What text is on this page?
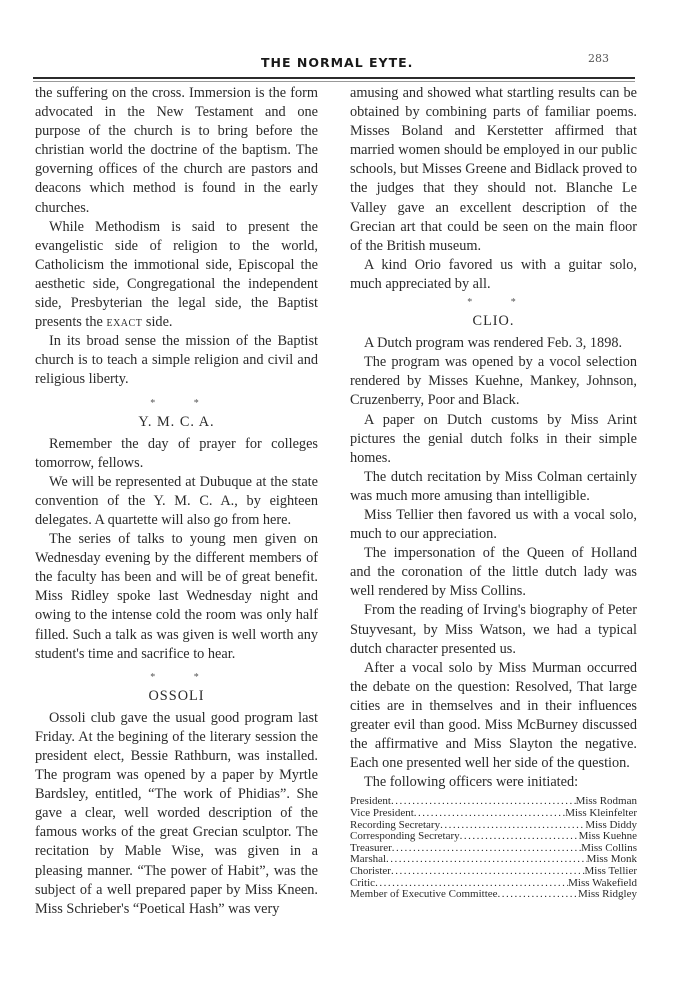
THE NORMAL EYTE.	283

the suffering on the cross. Immersion is the form advocated in the New Testament and one purpose of the church is to bring before the christian world the doctrine of the baptism. The governing offices of the church are pastors and deacons which method is found in the early churches.

While Methodism is said to present the evangelistic side of religion to the world, Catholicism the immotional side, Episcopal the aesthetic side, Congregational the independent side, Presbyterian the legal side, the Baptist presents the exact side.

In its broad sense the mission of the Baptist church is to teach a simple religion and civil and religious liberty.

* *
Y. M. C. A.

Remember the day of prayer for colleges tomorrow, fellows.

We will be represented at Dubuque at the state convention of the Y. M. C. A., by eighteen delegates. A quartette will also go from here.

The series of talks to young men given on Wednesday evening by the different members of the faculty has been and will be of great benefit. Miss Ridley spoke last Wednesday night and owing to the intense cold the room was only half filled. Such a talk as was given is well worth any student's time and sacrifice to hear.

* *
OSSOLI

Ossoli club gave the usual good program last Friday. At the begining of the literary session the president elect, Bessie Rathburn, was installed. The program was opened by a paper by Myrtle Bardsley, entitled, “The work of Phidias”. She gave a clear, well worded description of the famous works of the great Grecian sculptor. The recitation by Mable Wise, was given in a pleasing manner. “The power of Habit”, was the subject of a well prepared paper by Miss Kneen. Miss Schrieber's “Poetical Hash” was very

amusing and showed what startling results can be obtained by combining parts of familiar poems. Misses Boland and Kerstetter affirmed that married women should be employed in our public schools, but Misses Greene and Bidlack proved to the judges that they should not. Blanche Le Valley gave an excellent description of the Grecian art that could be seen on the main floor of the British museum.

A kind Orio favored us with a guitar solo, much appreciated by all.

* *
CLIO.

A Dutch program was rendered Feb. 3, 1898.

The program was opened by a vocol selection rendered by Misses Kuehne, Mankey, Johnson, Cruzenberry, Poor and Black.

A paper on Dutch customs by Miss Arint pictures the genial dutch folks in their simple homes.

The dutch recitation by Miss Colman certainly was much more amusing than intelligible.

Miss Tellier then favored us with a vocal solo, much to our appreciation.

The impersonation of the Queen of Holland and the coronation of the little dutch lady was well rendered by Miss Collins.

From the reading of Irving's biography of Peter Stuyvesant, by Miss Watson, we had a typical dutch character presented us.

After a vocal solo by Miss Murman occurred the debate on the question: Resolved, That large cities are in themselves and in their influences greater evil than good. Miss McBurney discussed the affirmative and Miss Slayton the negative. Each one presented well her side of the question.

The following officers were initiated:

President .....	Miss Rodman
Vice President .....	Miss Kleinfelter
Recording Secretary .....	Miss Diddy
Corresponding Secretary .....	Miss Kuehne
Treasurer .....	Miss Collins
Marshal .....	Miss Monk
Chorister .....	Miss Tellier
Critic .....	Miss Wakefield
Member of Executive Committee .....	Miss Ridgley
